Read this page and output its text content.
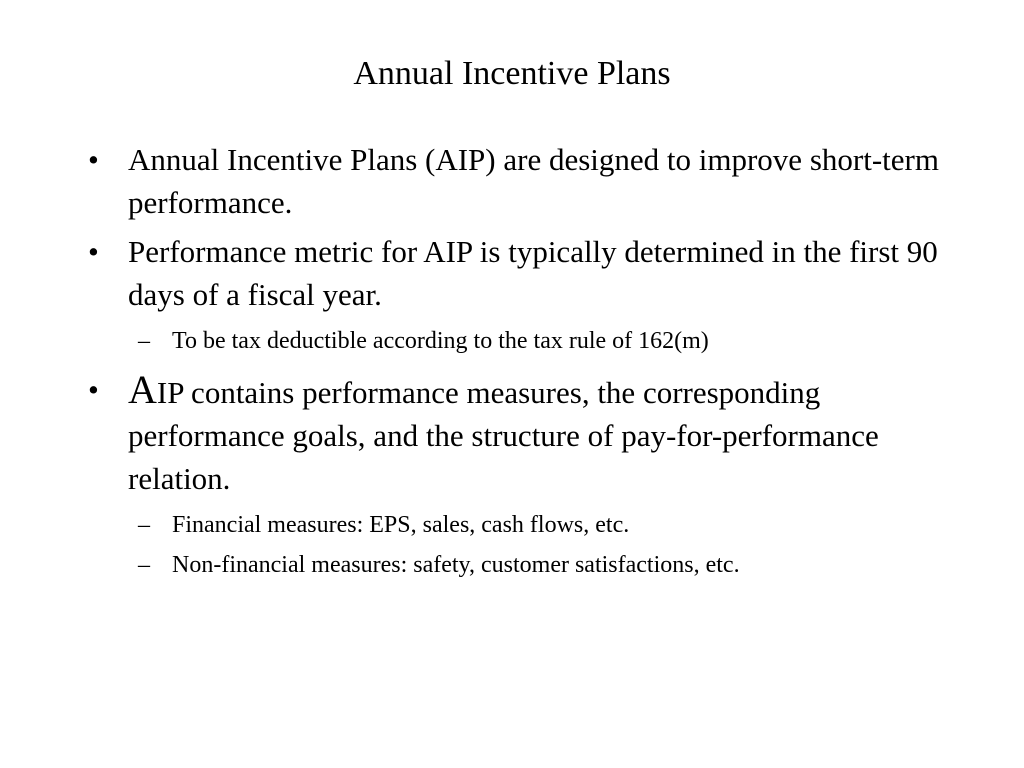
Annual Incentive Plans
• Annual Incentive Plans (AIP) are designed to improve short-term performance.
• Performance metric for AIP is typically determined in the first 90 days of a fiscal year.
– To be tax deductible according to the tax rule of 162(m)
• AIP contains performance measures, the corresponding performance goals, and the structure of pay-for-performance relation.
– Financial measures: EPS, sales, cash flows, etc.
– Non-financial measures: safety, customer satisfactions, etc.
